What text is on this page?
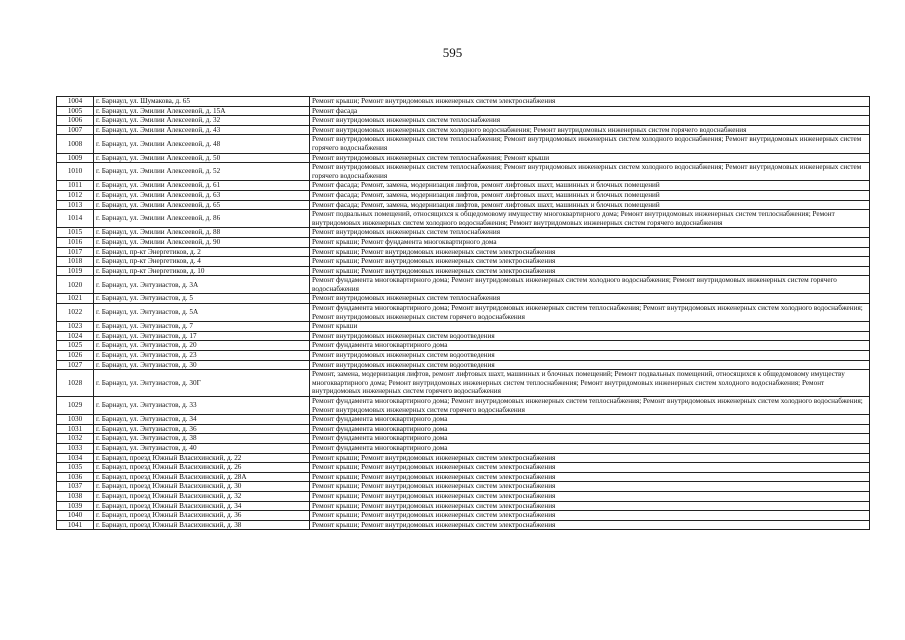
595
1004	г. Барнаул, ул. Шумакова, д. 65	Ремонт крыши; Ремонт внутридомовых инженерных систем электроснабжения
1005	г. Барнаул, ул. Эмилии Алексеевой, д. 15А	Ремонт фасада
1006	г. Барнаул, ул. Эмилии Алексеевой, д. 32	Ремонт внутридомовых инженерных систем теплоснабжения
1007	г. Барнаул, ул. Эмилии Алексеевой, д. 43	Ремонт внутридомовых инженерных систем холодного водоснабжения; Ремонт внутридомовых инженерных систем горячего водоснабжения
1008	г. Барнаул, ул. Эмилии Алексеевой, д. 48	Ремонт внутридомовых инженерных систем теплоснабжения; Ремонт внутридомовых инженерных систем холодного водоснабжения; Ремонт внутридомовых инженерных систем горячего водоснабжения
1009	г. Барнаул, ул. Эмилии Алексеевой, д. 50	Ремонт внутридомовых инженерных систем теплоснабжения; Ремонт крыши
1010	г. Барнаул, ул. Эмилии Алексеевой, д. 52	Ремонт внутридомовых инженерных систем теплоснабжения; Ремонт внутридомовых инженерных систем холодного водоснабжения; Ремонт внутридомовых инженерных систем горячего водоснабжения
1011	г. Барнаул, ул. Эмилии Алексеевой, д. 61	Ремонт фасада; Ремонт, замена, модернизация лифтов, ремонт лифтовых шахт, машинных и блочных помещений
1012	г. Барнаул, ул. Эмилии Алексеевой, д. 63	Ремонт фасада; Ремонт, замена, модернизация лифтов, ремонт лифтовых шахт, машинных и блочных помещений
1013	г. Барнаул, ул. Эмилии Алексеевой, д. 65	Ремонт фасада; Ремонт, замена, модернизация лифтов, ремонт лифтовых шахт, машинных и блочных помещений
1014	г. Барнаул, ул. Эмилии Алексеевой, д. 86	Ремонт подвальных помещений, относящихся к общедомовому имуществу многоквартирного дома; Ремонт внутридомовых инженерных систем теплоснабжения; Ремонт внутридомовых инженерных систем холодного водоснабжения; Ремонт внутридомовых инженерных систем горячего водоснабжения
1015	г. Барнаул, ул. Эмилии Алексеевой, д. 88	Ремонт внутридомовых инженерных систем теплоснабжения
1016	г. Барнаул, ул. Эмилии Алексеевой, д. 90	Ремонт крыши; Ремонт фундамента многоквартирного дома
1017	г. Барнаул, пр-кт Энергетиков, д. 2	Ремонт крыши; Ремонт внутридомовых инженерных систем электроснабжения
1018	г. Барнаул, пр-кт Энергетиков, д. 4	Ремонт крыши; Ремонт внутридомовых инженерных систем электроснабжения
1019	г. Барнаул, пр-кт Энергетиков, д. 10	Ремонт крыши; Ремонт внутридомовых инженерных систем электроснабжения
1020	г. Барнаул, ул. Энтузиастов, д. 3А	Ремонт фундамента многоквартирного дома; Ремонт внутридомовых инженерных систем холодного водоснабжения; Ремонт внутридомовых инженерных систем горячего водоснабжения
1021	г. Барнаул, ул. Энтузиастов, д. 5	Ремонт внутридомовых инженерных систем теплоснабжения
1022	г. Барнаул, ул. Энтузиастов, д. 5А	Ремонт фундамента многоквартирного дома; Ремонт внутридомовых инженерных систем теплоснабжения; Ремонт внутридомовых инженерных систем холодного водоснабжения; Ремонт внутридомовых инженерных систем горячего водоснабжения
1023	г. Барнаул, ул. Энтузиастов, д. 7	Ремонт крыши
1024	г. Барнаул, ул. Энтузиастов, д. 17	Ремонт внутридомовых инженерных систем водоотведения
1025	г. Барнаул, ул. Энтузиастов, д. 20	Ремонт фундамента многоквартирного дома
1026	г. Барнаул, ул. Энтузиастов, д. 23	Ремонт внутридомовых инженерных систем водоотведения
1027	г. Барнаул, ул. Энтузиастов, д. 30	Ремонт внутридомовых инженерных систем водоотведения
1028	г. Барнаул, ул. Энтузиастов, д. 30Г	Ремонт, замена, модернизация лифтов, ремонт лифтовых шахт, машинных и блочных помещений; Ремонт подвальных помещений, относящихся к общедомовому имуществу многоквартирного дома; Ремонт внутридомовых инженерных систем теплоснабжения; Ремонт внутридомовых инженерных систем холодного водоснабжения; Ремонт внутридомовых инженерных систем горячего водоснабжения
1029	г. Барнаул, ул. Энтузиастов, д. 33	Ремонт фундамента многоквартирного дома; Ремонт внутридомовых инженерных систем теплоснабжения; Ремонт внутридомовых инженерных систем холодного водоснабжения; Ремонт внутридомовых инженерных систем горячего водоснабжения
1030	г. Барнаул, ул. Энтузиастов, д. 34	Ремонт фундамента многоквартирного дома
1031	г. Барнаул, ул. Энтузиастов, д. 36	Ремонт фундамента многоквартирного дома
1032	г. Барнаул, ул. Энтузиастов, д. 38	Ремонт фундамента многоквартирного дома
1033	г. Барнаул, ул. Энтузиастов, д. 40	Ремонт фундамента многоквартирного дома
1034	г. Барнаул, проезд Южный Власихинский, д. 22	Ремонт крыши; Ремонт внутридомовых инженерных систем электроснабжения
1035	г. Барнаул, проезд Южный Власихинский, д. 26	Ремонт крыши; Ремонт внутридомовых инженерных систем электроснабжения
1036	г. Барнаул, проезд Южный Власихинский, д. 28А	Ремонт крыши; Ремонт внутридомовых инженерных систем электроснабжения
1037	г. Барнаул, проезд Южный Власихинский, д. 30	Ремонт крыши; Ремонт внутридомовых инженерных систем электроснабжения
1038	г. Барнаул, проезд Южный Власихинский, д. 32	Ремонт крыши; Ремонт внутридомовых инженерных систем электроснабжения
1039	г. Барнаул, проезд Южный Власихинский, д. 34	Ремонт крыши; Ремонт внутридомовых инженерных систем электроснабжения
1040	г. Барнаул, проезд Южный Власихинский, д. 36	Ремонт крыши; Ремонт внутридомовых инженерных систем электроснабжения
1041	г. Барнаул, проезд Южный Власихинский, д. 38	Ремонт крыши; Ремонт внутридомовых инженерных систем электроснабжения
